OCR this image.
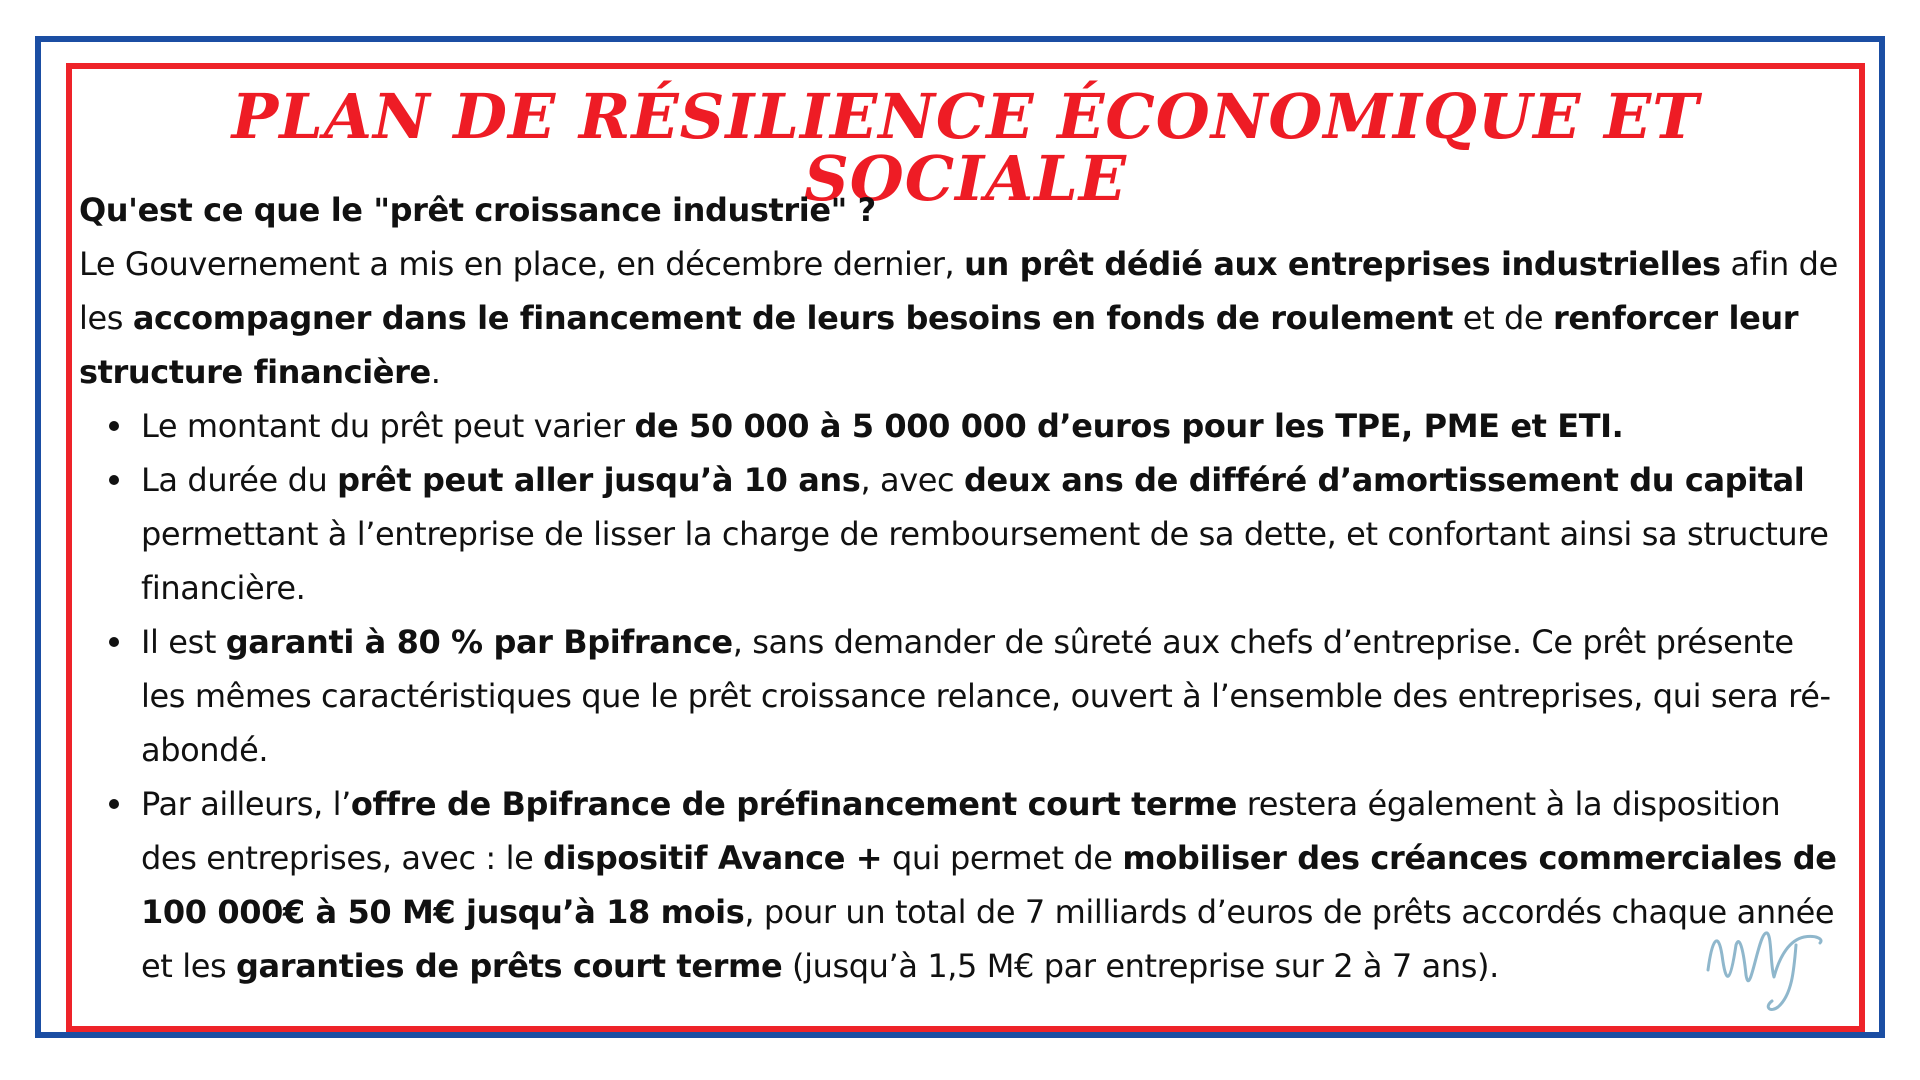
PLAN DE RÉSILIENCE ÉCONOMIQUE ET SOCIALE

Qu'est ce que le "prêt croissance industrie" ?

Le Gouvernement a mis en place, en décembre dernier, un prêt dédié aux entreprises industrielles afin de les accompagner dans le financement de leurs besoins en fonds de roulement et de renforcer leur structure financière.

Le montant du prêt peut varier de 50 000 à 5 000 000 d’euros pour les TPE, PME et ETI.
La durée du prêt peut aller jusqu’à 10 ans, avec deux ans de différé d’amortissement du capital permettant à l’entreprise de lisser la charge de remboursement de sa dette, et confortant ainsi sa structure financière.
Il est garanti à 80 % par Bpifrance, sans demander de sûreté aux chefs d’entreprise. Ce prêt présente les mêmes caractéristiques que le prêt croissance relance, ouvert à l’ensemble des entreprises, qui sera ré-abondé.
Par ailleurs, l’offre de Bpifrance de préfinancement court terme restera également à la disposition des entreprises, avec : le dispositif Avance + qui permet de mobiliser des créances commerciales de 100 000€ à 50 M€ jusqu’à 18 mois, pour un total de 7 milliards d’euros de prêts accordés chaque année et les garanties de prêts court terme (jusqu’à 1,5 M€ par entreprise sur 2 à 7 ans).
